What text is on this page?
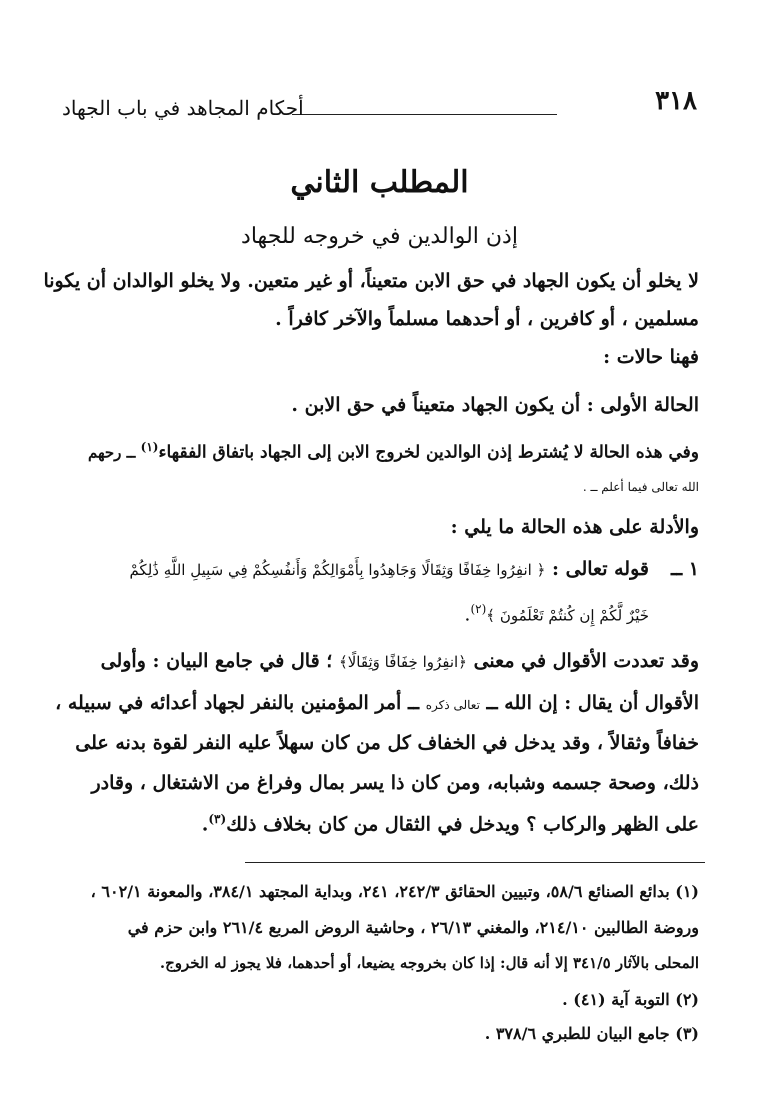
٣١٨
أحكام المجاهد في باب الجهاد
المطلب الثاني
إذن الوالدين في خروجه للجهاد
لا يخلو أن يكون الجهاد في حق الابن متعيناً، أو غير متعين. ولا يخلو الوالدان أن يكونا
مسلمين ، أو كافرين ، أو أحدهما مسلماً والآخر كافراً .
فهنا حالات :
الحالة الأولى : أن يكون الجهاد متعيناً في حق الابن .
وفي هذه الحالة لا يُشترط إذن الوالدين لخروج الابن إلى الجهاد باتفاق الفقهاء$^{(١)}$ ــ رحهم
الله تعالى فيما أعلم ــ .
والأدلة على هذه الحالة ما يلي :
١ ــ
قوله تعالى : ﴿ انفِرُوا خِفَافًا وَثِقَالًا وَجَاهِدُوا بِأَمْوَالِكُمْ وَأَنفُسِكُمْ فِي سَبِيلِ اللَّهِ ذَٰلِكُمْ
خَيْرٌ لَّكُمْ إِن كُنتُمْ تَعْلَمُونَ ﴾$^{(٢)}$.
وقد تعددت الأقوال في معنى ﴿انفِرُوا خِفَافًا وَثِقَالًا﴾ ؛ قال في جامع البيان : وأولى
الأقوال أن يقال : إن الله ــ تعالى ذكره ــ أمر المؤمنين بالنفر لجهاد أعدائه في سبيله ،
خفافاً وثقالاً ، وقد يدخل في الخفاف كل من كان سهلاً عليه النفر لقوة بدنه على
ذلك، وصحة جسمه وشبابه، ومن كان ذا يسر بمال وفراغ من الاشتغال ، وقادر
على الظهر والركاب ؟ ويدخل في الثقال من كان بخلاف ذلك$^{(٣)}$.
(١) بدائع الصنائع ٥٨/٦، وتبيين الحقائق ٢٤٢/٣، ٢٤١، وبداية المجتهد ٣٨٤/١، والمعونة ٦٠٢/١ ،
وروضة الطالبين ٢١٤/١٠، والمغني ٢٦/١٣ ، وحاشية الروض المربع ٢٦١/٤ وابن حزم في
المحلى بالآثار ٣٤١/٥ إلا أنه قال: إذا كان بخروجه يضيعا، أو أحدهما، فلا يجوز له الخروج.
(٢) التوبة آية (٤١) .
(٣) جامع البيان للطبري ٣٧٨/٦ .
